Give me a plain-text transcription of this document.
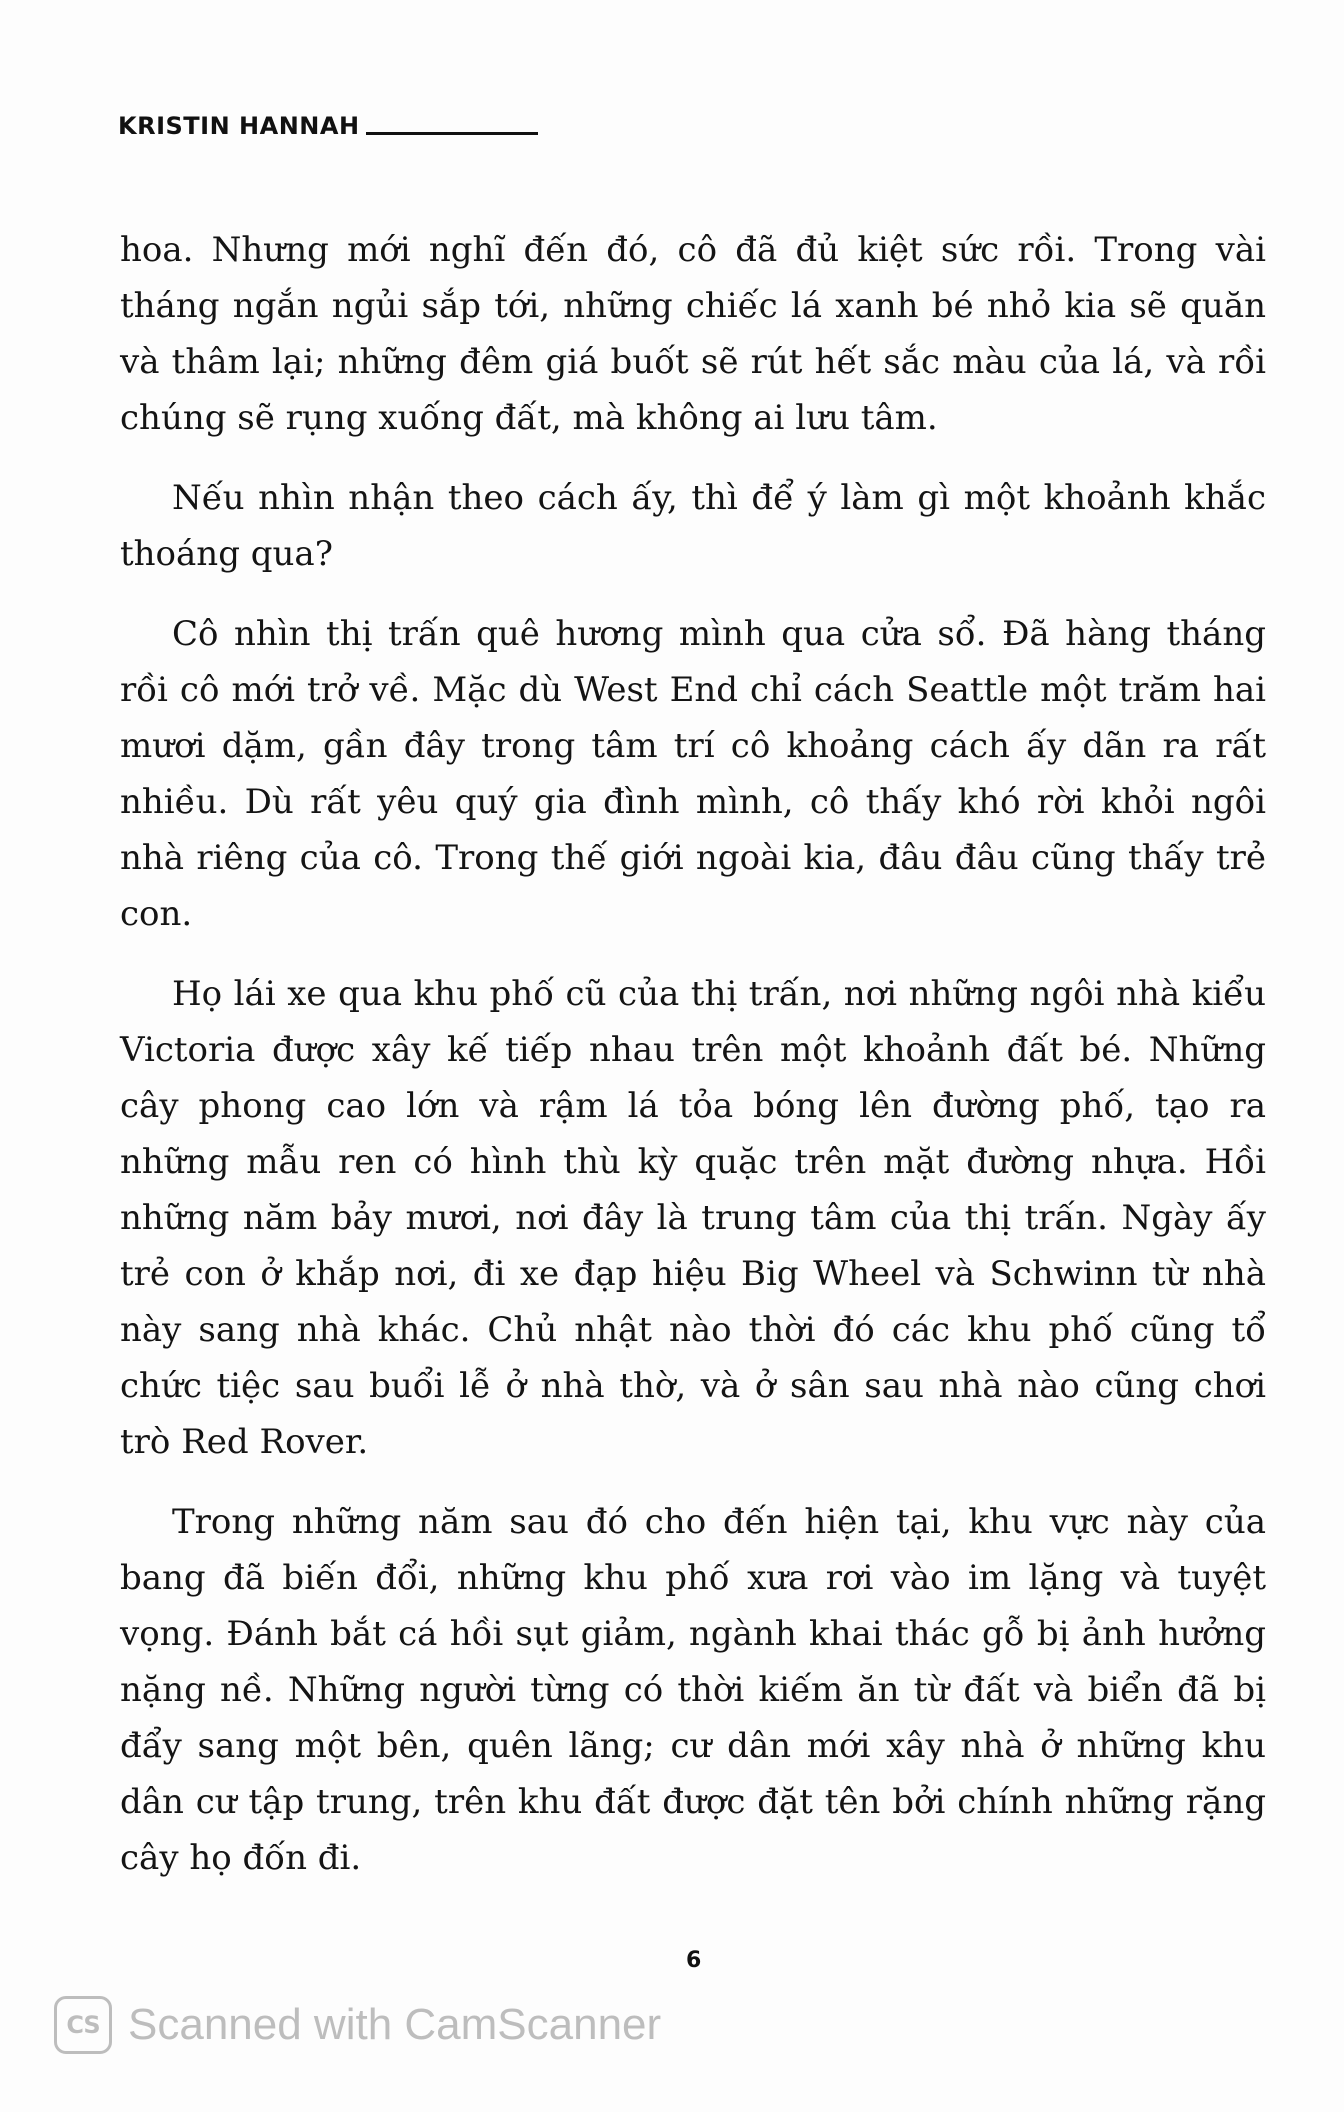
KRISTIN HANNAH

hoa. Nhưng mới nghĩ đến đó, cô đã đủ kiệt sức rồi. Trong vài tháng ngắn ngủi sắp tới, những chiếc lá xanh bé nhỏ kia sẽ quăn và thâm lại; những đêm giá buốt sẽ rút hết sắc màu của lá, và rồi chúng sẽ rụng xuống đất, mà không ai lưu tâm.

Nếu nhìn nhận theo cách ấy, thì để ý làm gì một khoảnh khắc thoáng qua?

Cô nhìn thị trấn quê hương mình qua cửa sổ. Đã hàng tháng rồi cô mới trở về. Mặc dù West End chỉ cách Seattle một trăm hai mươi dặm, gần đây trong tâm trí cô khoảng cách ấy dãn ra rất nhiều. Dù rất yêu quý gia đình mình, cô thấy khó rời khỏi ngôi nhà riêng của cô. Trong thế giới ngoài kia, đâu đâu cũng thấy trẻ con.

Họ lái xe qua khu phố cũ của thị trấn, nơi những ngôi nhà kiểu Victoria được xây kế tiếp nhau trên một khoảnh đất bé. Những cây phong cao lớn và rậm lá tỏa bóng lên đường phố, tạo ra những mẫu ren có hình thù kỳ quặc trên mặt đường nhựa. Hồi những năm bảy mươi, nơi đây là trung tâm của thị trấn. Ngày ấy trẻ con ở khắp nơi, đi xe đạp hiệu Big Wheel và Schwinn từ nhà này sang nhà khác. Chủ nhật nào thời đó các khu phố cũng tổ chức tiệc sau buổi lễ ở nhà thờ, và ở sân sau nhà nào cũng chơi trò Red Rover.

Trong những năm sau đó cho đến hiện tại, khu vực này của bang đã biến đổi, những khu phố xưa rơi vào im lặng và tuyệt vọng. Đánh bắt cá hồi sụt giảm, ngành khai thác gỗ bị ảnh hưởng nặng nề. Những người từng có thời kiếm ăn từ đất và biển đã bị đẩy sang một bên, quên lãng; cư dân mới xây nhà ở những khu dân cư tập trung, trên khu đất được đặt tên bởi chính những rặng cây họ đốn đi.

6
CS Scanned with CamScanner
